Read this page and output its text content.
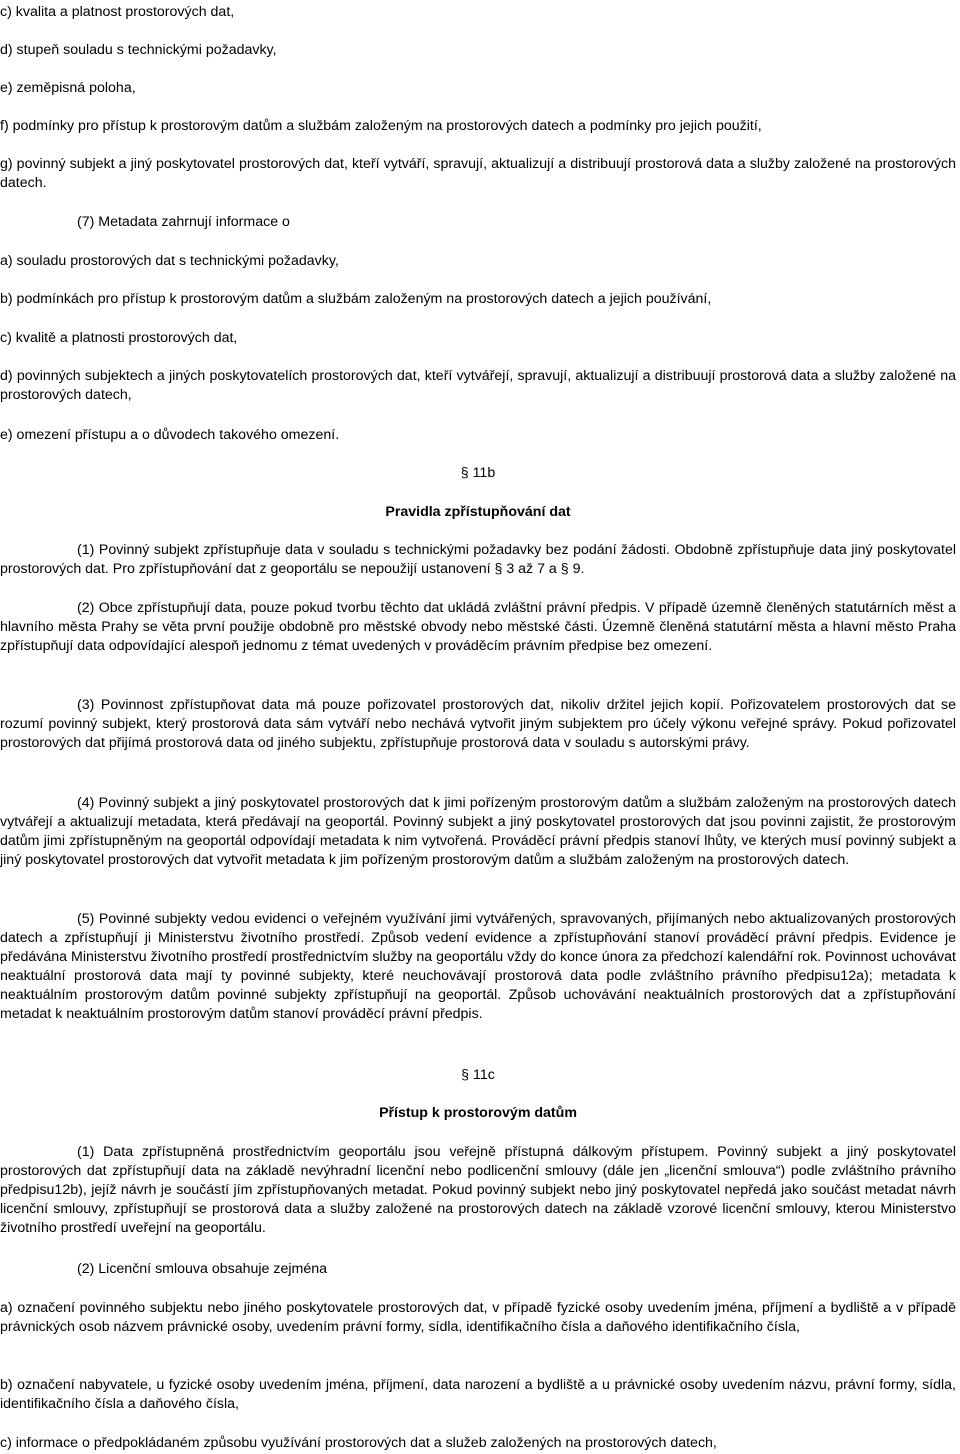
c) kvalita a platnost prostorových dat,

d) stupeň souladu s technickými požadavky,

e) zeměpisná poloha,

f) podmínky pro přístup k prostorovým datům a službám založeným na prostorových datech a podmínky pro jejich použití,

g) povinný subjekt a jiný poskytovatel prostorových dat, kteří vytváří, spravují, aktualizují a distribuují prostorová data a služby založené na prostorových datech.

(7) Metadata zahrnují informace o

a) souladu prostorových dat s technickými požadavky,

b) podmínkách pro přístup k prostorovým datům a službám založeným na prostorových datech a jejich používání,

c) kvalitě a platnosti prostorových dat,

d) povinných subjektech a jiných poskytovatelích prostorových dat, kteří vytvářejí, spravují, aktualizují a distribuují prostorová data a služby založené na prostorových datech,

e) omezení přístupu a o důvodech takového omezení.

§ 11b

Pravidla zpřístupňování dat

(1) Povinný subjekt zpřístupňuje data v souladu s technickými požadavky bez podání žádosti. Obdobně zpřístupňuje data jiný poskytovatel prostorových dat. Pro zpřístupňování dat z geoportálu se nepoužijí ustanovení § 3 až 7 a § 9.

(2) Obce zpřístupňují data, pouze pokud tvorbu těchto dat ukládá zvláštní právní předpis. V případě územně členěných statutárních měst a hlavního města Prahy se věta první použije obdobně pro městské obvody nebo městské části. Územně členěná statutární města a hlavní město Praha zpřístupňují data odpovídající alespoň jednomu z témat uvedených v prováděcím právním předpise bez omezení.

(3) Povinnost zpřístupňovat data má pouze pořizovatel prostorových dat, nikoliv držitel jejich kopií. Pořizovatelem prostorových dat se rozumí povinný subjekt, který prostorová data sám vytváří nebo nechává vytvořit jiným subjektem pro účely výkonu veřejné správy. Pokud pořizovatel prostorových dat přijímá prostorová data od jiného subjektu, zpřístupňuje prostorová data v souladu s autorskými právy.

(4) Povinný subjekt a jiný poskytovatel prostorových dat k jimi pořízeným prostorovým datům a službám založeným na prostorových datech vytvářejí a aktualizují metadata, která předávají na geoportál. Povinný subjekt a jiný poskytovatel prostorových dat jsou povinni zajistit, že prostorovým datům jimi zpřístupněným na geoportál odpovídají metadata k nim vytvořená. Prováděcí právní předpis stanoví lhůty, ve kterých musí povinný subjekt a jiný poskytovatel prostorových dat vytvořit metadata k jim pořízeným prostorovým datům a službám založeným na prostorových datech.

(5) Povinné subjekty vedou evidenci o veřejném využívání jimi vytvářených, spravovaných, přijímaných nebo aktualizovaných prostorových datech a zpřístupňují ji Ministerstvu životního prostředí. Způsob vedení evidence a zpřístupňování stanoví prováděcí právní předpis. Evidence je předávána Ministerstvu životního prostředí prostřednictvím služby na geoportálu vždy do konce února za předchozí kalendářní rok. Povinnost uchovávat neaktuální prostorová data mají ty povinné subjekty, které neuchovávají prostorová data podle zvláštního právního předpisu12a); metadata k neaktuálním prostorovým datům povinné subjekty zpřístupňují na geoportál. Způsob uchovávání neaktuálních prostorových dat a zpřístupňování metadat k neaktuálním prostorovým datům stanoví prováděcí právní předpis.

§ 11c

Přístup k prostorovým datům

(1) Data zpřístupněná prostřednictvím geoportálu jsou veřejně přístupná dálkovým přístupem. Povinný subjekt a jiný poskytovatel prostorových dat zpřístupňují data na základě nevýhradní licenční nebo podlicenční smlouvy (dále jen „licenční smlouva“) podle zvláštního právního předpisu12b), jejíž návrh je součástí jím zpřístupňovaných metadat. Pokud povinný subjekt nebo jiný poskytovatel nepředá jako součást metadat návrh licenční smlouvy, zpřístupňují se prostorová data a služby založené na prostorových datech na základě vzorové licenční smlouvy, kterou Ministerstvo životního prostředí uveřejní na geoportálu.

(2) Licenční smlouva obsahuje zejména

a) označení povinného subjektu nebo jiného poskytovatele prostorových dat, v případě fyzické osoby uvedením jména, příjmení a bydliště a v případě právnických osob názvem právnické osoby, uvedením právní formy, sídla, identifikačního čísla a daňového identifikačního čísla,

b) označení nabyvatele, u fyzické osoby uvedením jména, příjmení, data narození a bydliště a u právnické osoby uvedením názvu, právní formy, sídla, identifikačního čísla a daňového čísla,

c) informace o předpokládaném způsobu využívání prostorových dat a služeb založených na prostorových datech,
